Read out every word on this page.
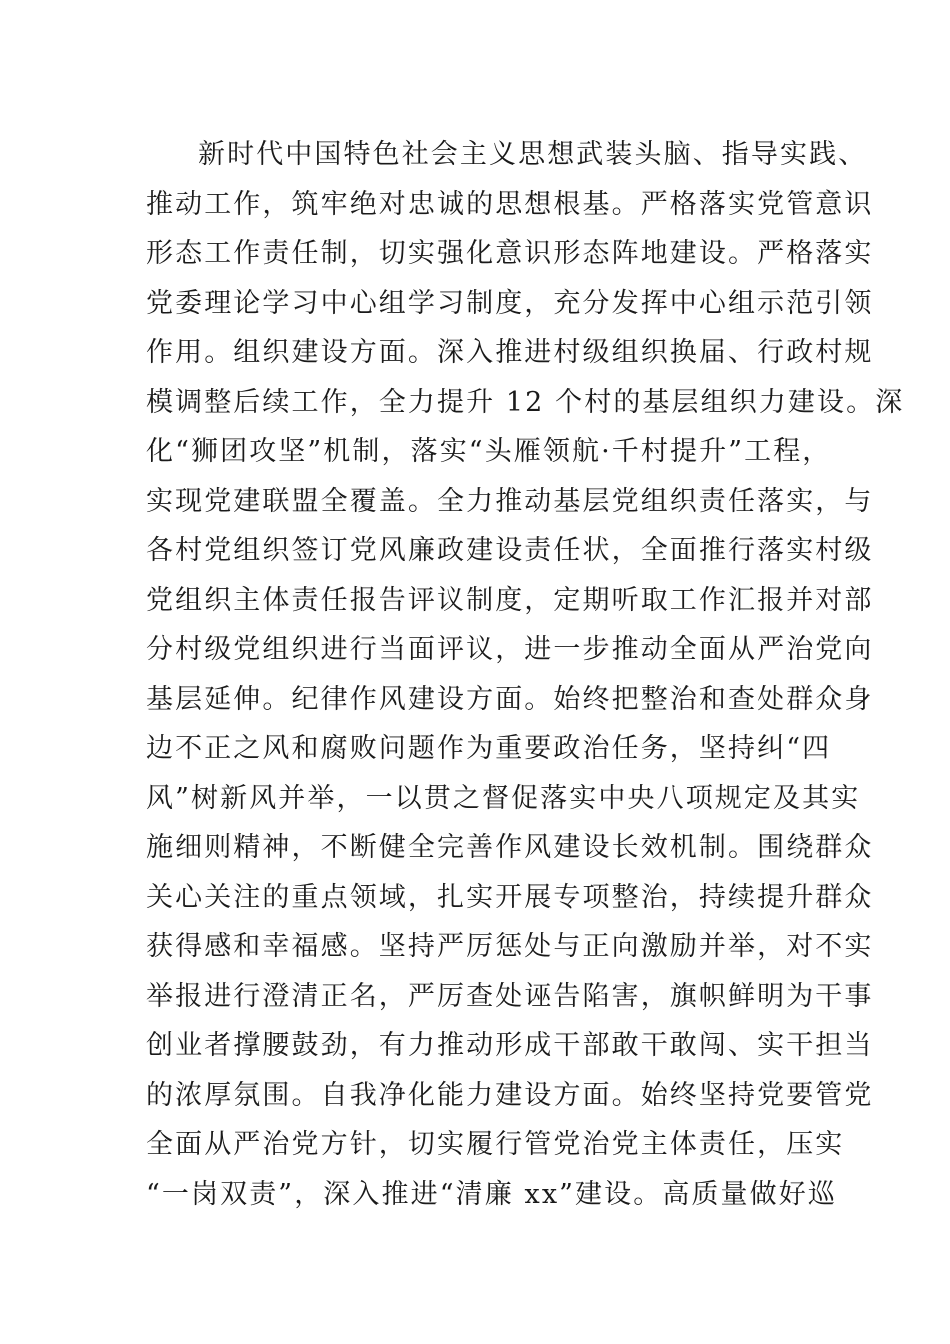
新时代中国特色社会主义思想武装头脑、指导实践、
推动工作，筑牢绝对忠诚的思想根基。严格落实党管意识
形态工作责任制，切实强化意识形态阵地建设。严格落实
党委理论学习中心组学习制度，充分发挥中心组示范引领
作用。组织建设方面。深入推进村级组织换届、行政村规
模调整后续工作，全力提升 12 个村的基层组织力建设。深
化“狮团攻坚”机制，落实“头雁领航·千村提升”工程，
实现党建联盟全覆盖。全力推动基层党组织责任落实，与
各村党组织签订党风廉政建设责任状，全面推行落实村级
党组织主体责任报告评议制度，定期听取工作汇报并对部
分村级党组织进行当面评议，进一步推动全面从严治党向
基层延伸。纪律作风建设方面。始终把整治和查处群众身
边不正之风和腐败问题作为重要政治任务，坚持纠“四
风”树新风并举，一以贯之督促落实中央八项规定及其实
施细则精神，不断健全完善作风建设长效机制。围绕群众
关心关注的重点领域，扎实开展专项整治，持续提升群众
获得感和幸福感。坚持严厉惩处与正向激励并举，对不实
举报进行澄清正名，严厉查处诬告陷害，旗帜鲜明为干事
创业者撑腰鼓劲，有力推动形成干部敢干敢闯、实干担当
的浓厚氛围。自我净化能力建设方面。始终坚持党要管党
全面从严治党方针，切实履行管党治党主体责任，压实
“一岗双责”，深入推进“清廉 xx”建设。高质量做好巡
